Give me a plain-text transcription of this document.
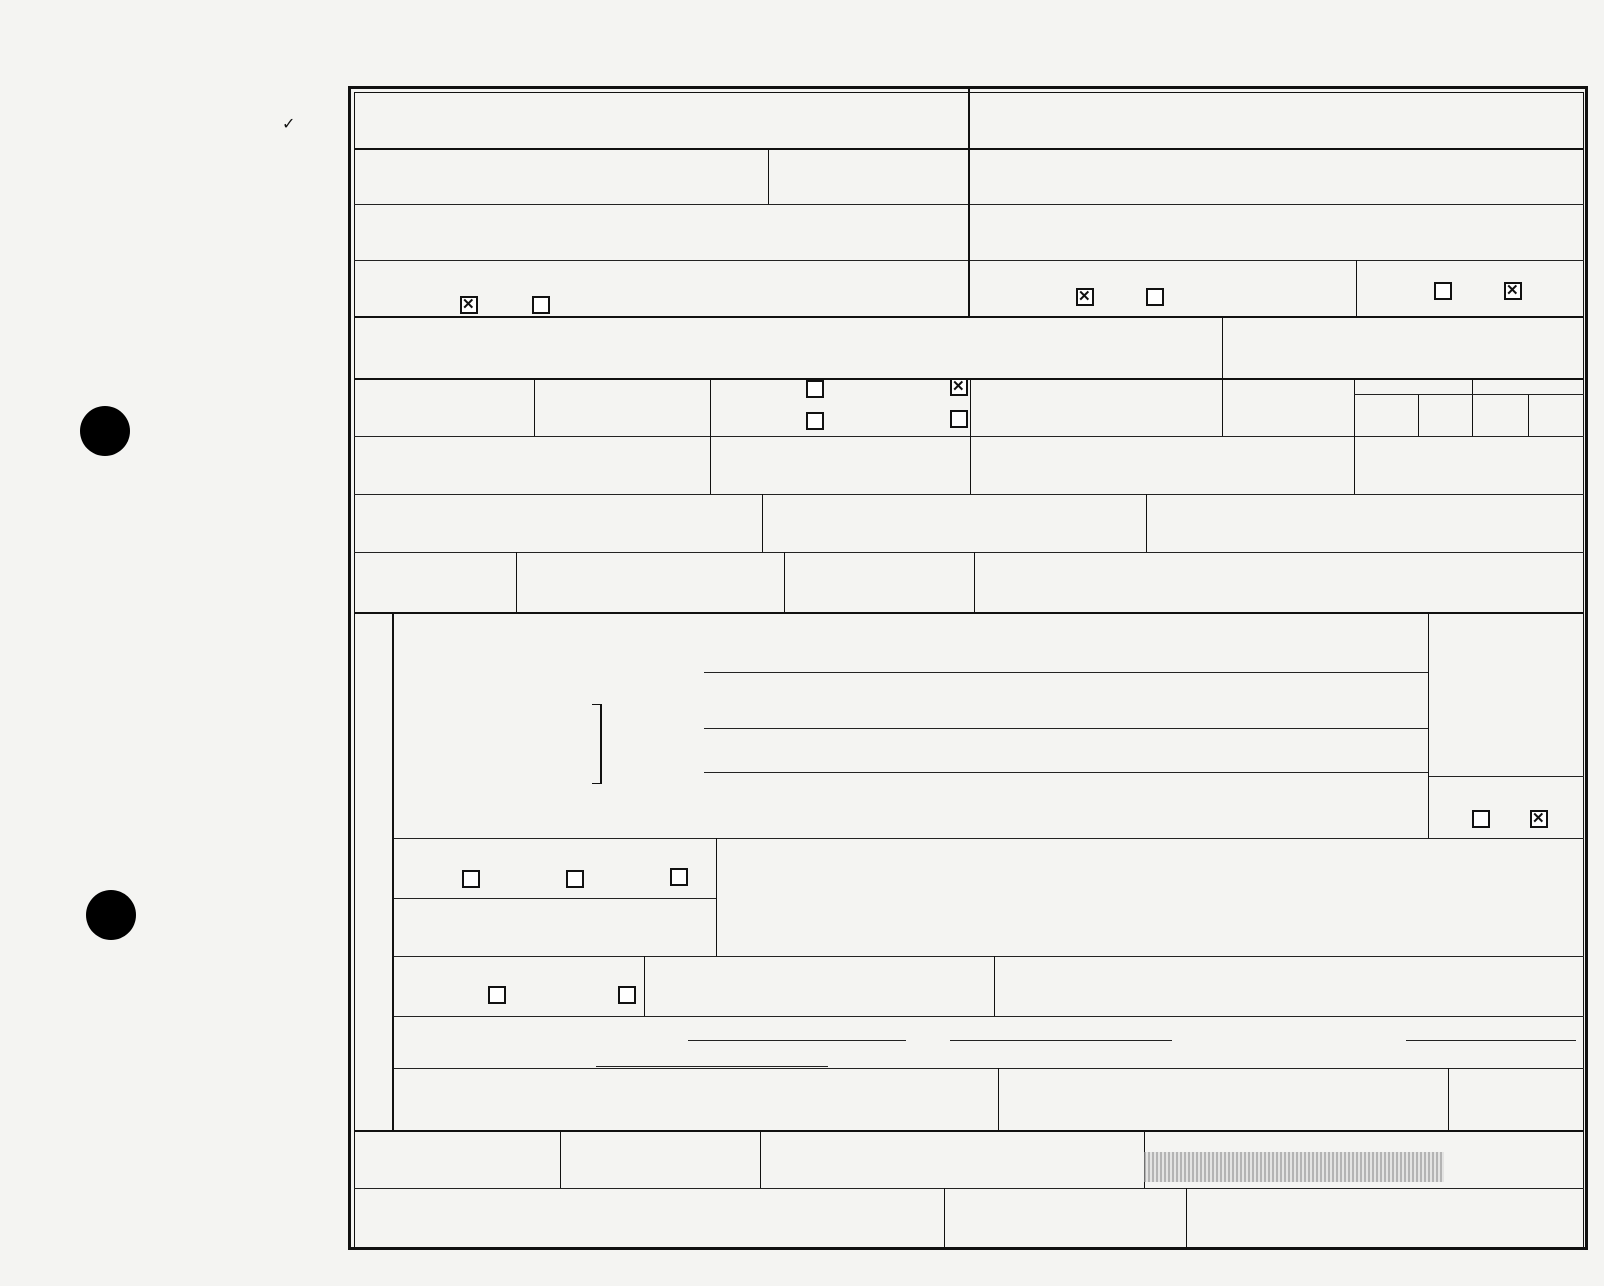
✓
✕
✕
✕
✕
✕
